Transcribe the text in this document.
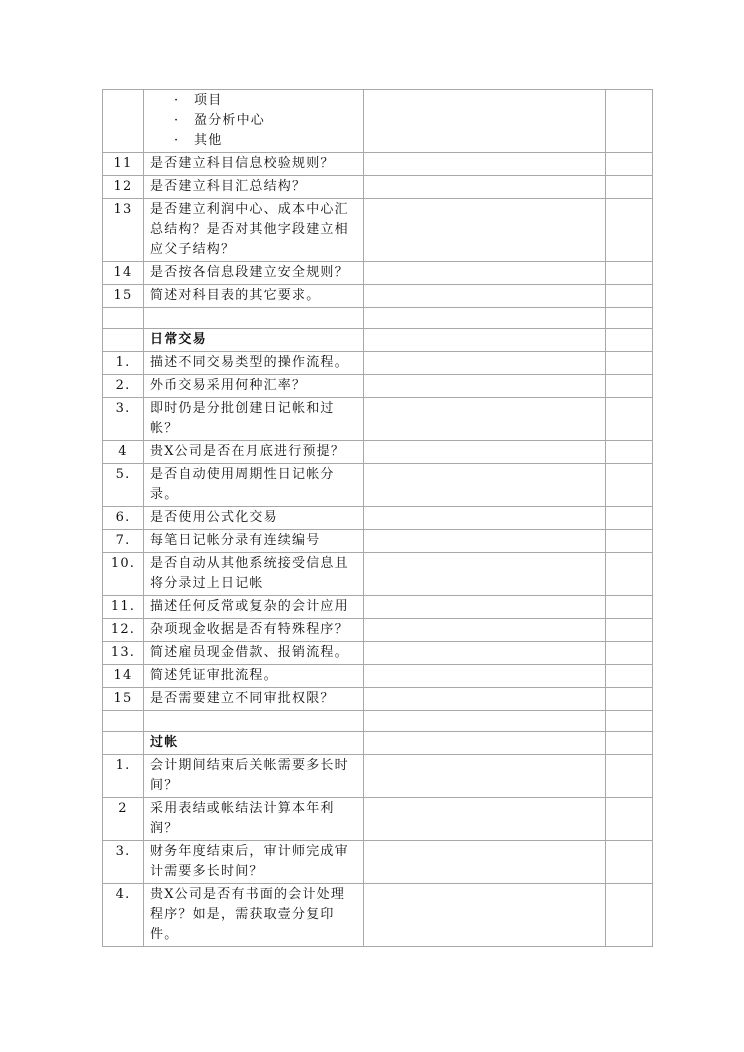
	· 项目
· 盈分析中心
· 其他		

11	是否建立科目信息校验规则？		
12	是否建立科目汇总结构？		
13	是否建立利润中心、成本中心汇总结构？是否对其他字段建立相应父子结构？		
14	是否按各信息段建立安全规则？		
15	简述对科目表的其它要求。		

	日常交易		
1.	描述不同交易类型的操作流程。		
2.	外币交易采用何种汇率？		
3.	即时仍是分批创建日记帐和过帐？		
4	贵X公司是否在月底进行预提？		
5.	是否自动使用周期性日记帐分录。		
6.	是否使用公式化交易		
7.	每笔日记帐分录有连续编号		
10.	是否自动从其他系统接受信息且将分录过上日记帐		
11.	描述任何反常或复杂的会计应用		
12.	杂项现金收据是否有特殊程序？		
13.	简述雇员现金借款、报销流程。		
14	简述凭证审批流程。		
15	是否需要建立不同审批权限？		

	过帐		
1.	会计期间结束后关帐需要多长时间？		
2	采用表结或帐结法计算本年利润？		
3.	财务年度结束后，审计师完成审计需要多长时间？		
4.	贵X公司是否有书面的会计处理程序？如是，需获取壹分复印件。		
